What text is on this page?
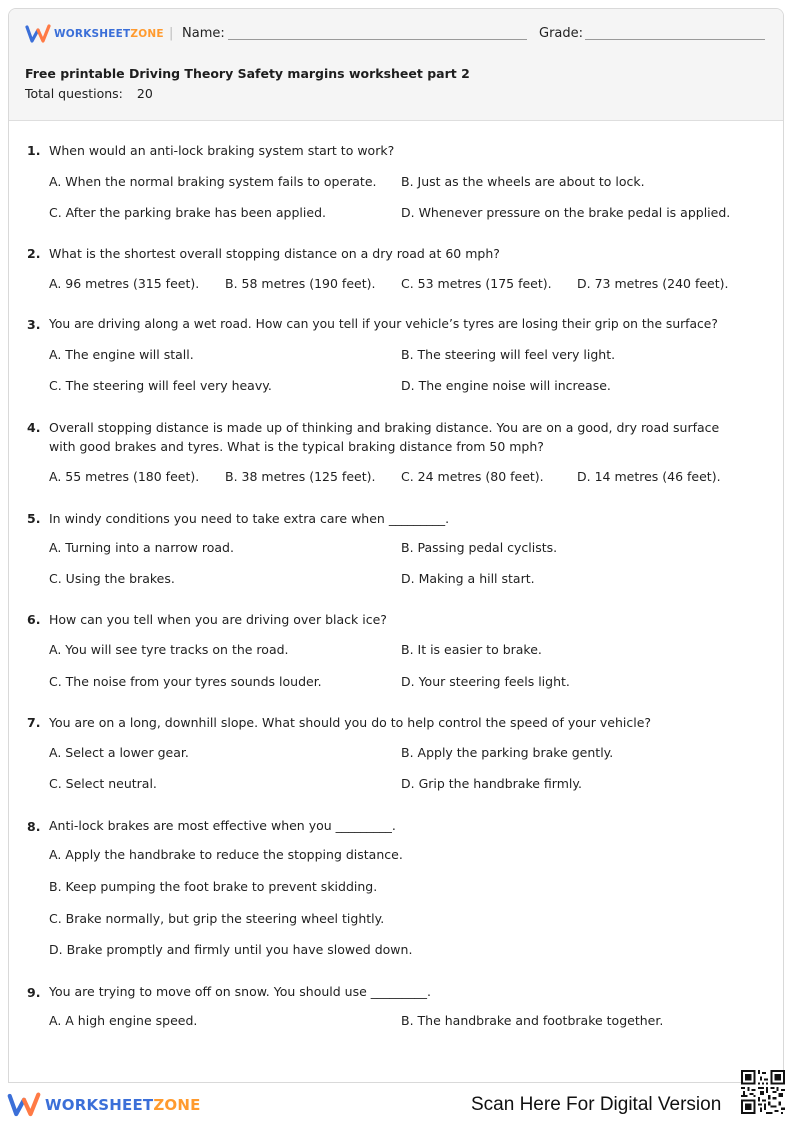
WORKSHEETZONE | Name:	Grade:
Free printable Driving Theory Safety margins worksheet part 2
Total questions: 20
1. When would an anti-lock braking system start to work?
A. When the normal braking system fails to operate. B. Just as the wheels are about to lock.
C. After the parking brake has been applied.	D. Whenever pressure on the brake pedal is applied.
2. What is the shortest overall stopping distance on a dry road at 60 mph?
A. 96 metres (315 feet). B. 58 metres (190 feet). C. 53 metres (175 feet). D. 73 metres (240 feet).
3. You are driving along a wet road. How can you tell if your vehicle’s tyres are losing their grip on the surface?
A. The engine will stall.	B. The steering will feel very light.
C. The steering will feel very heavy.	D. The engine noise will increase.
4. Overall stopping distance is made up of thinking and braking distance. You are on a good, dry road surface with good brakes and tyres. What is the typical braking distance from 50 mph?
A. 55 metres (180 feet). B. 38 metres (125 feet). C. 24 metres (80 feet).	D. 14 metres (46 feet).
5. In windy conditions you need to take extra care when _________.
A. Turning into a narrow road.	B. Passing pedal cyclists.
C. Using the brakes.	D. Making a hill start.
6. How can you tell when you are driving over black ice?
A. You will see tyre tracks on the road.	B. It is easier to brake.
C. The noise from your tyres sounds louder.	D. Your steering feels light.
7. You are on a long, downhill slope. What should you do to help control the speed of your vehicle?
A. Select a lower gear.	B. Apply the parking brake gently.
C. Select neutral.	D. Grip the handbrake firmly.
8. Anti-lock brakes are most effective when you _________.
A. Apply the handbrake to reduce the stopping distance.
B. Keep pumping the foot brake to prevent skidding.
C. Brake normally, but grip the steering wheel tightly.
D. Brake promptly and firmly until you have slowed down.
9. You are trying to move off on snow. You should use _________.
A. A high engine speed.	B. The handbrake and footbrake together.
WORKSHEETZONE	Scan Here For Digital Version
